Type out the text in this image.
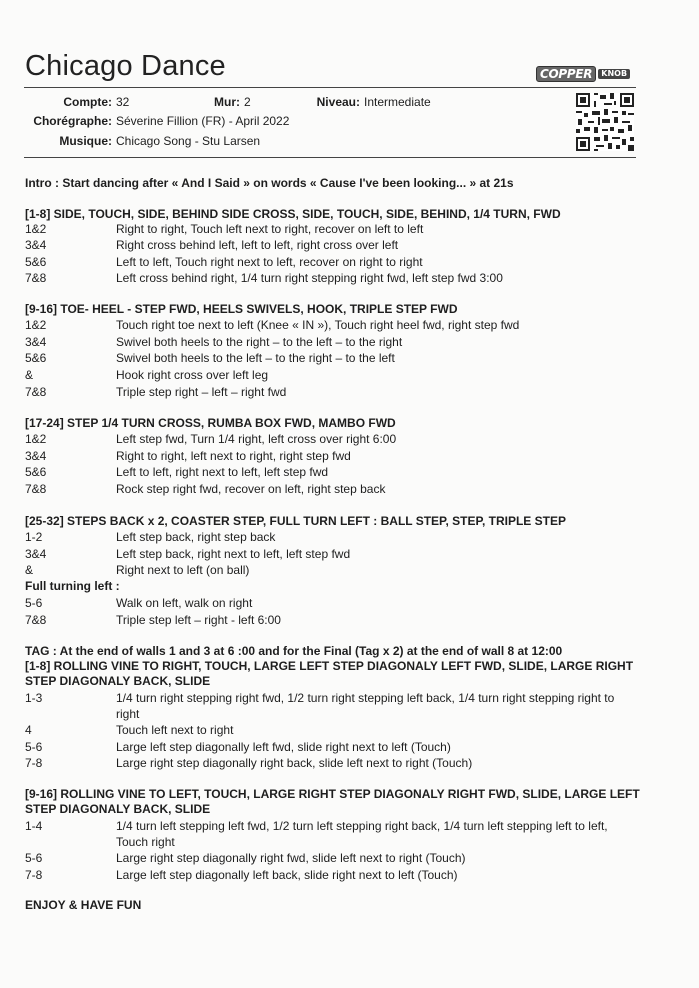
Chicago Dance	COPPER	KNOB
Compte: 32	Mur: 2	Niveau: Intermediate
Chorégraphe: Séverine Fillion (FR) - April 2022
Musique: Chicago Song - Stu Larsen
Intro : Start dancing after « And I Said » on words « Cause I've been looking... » at 21s
[1-8] SIDE, TOUCH, SIDE, BEHIND SIDE CROSS, SIDE, TOUCH, SIDE, BEHIND, 1/4 TURN, FWD
1&2	Right to right, Touch left next to right, recover on left to left
3&4	Right cross behind left, left to left, right cross over left
5&6	Left to left, Touch right next to left, recover on right to right
7&8	Left cross behind right, 1/4 turn right stepping right fwd, left step fwd 3:00
[9-16] TOE- HEEL - STEP FWD, HEELS SWIVELS, HOOK, TRIPLE STEP FWD
1&2	Touch right toe next to left (Knee « IN »), Touch right heel fwd, right step fwd
3&4	Swivel both heels to the right – to the left – to the right
5&6	Swivel both heels to the left – to the right – to the left
&	Hook right cross over left leg
7&8	Triple step right – left – right fwd
[17-24] STEP 1/4 TURN CROSS, RUMBA BOX FWD, MAMBO FWD
1&2	Left step fwd, Turn 1/4 right, left cross over right 6:00
3&4	Right to right, left next to right, right step fwd
5&6	Left to left, right next to left, left step fwd
7&8	Rock step right fwd, recover on left, right step back
[25-32] STEPS BACK x 2, COASTER STEP, FULL TURN LEFT : BALL STEP, STEP, TRIPLE STEP
1-2	Left step back, right step back
3&4	Left step back, right next to left, left step fwd
&	Right next to left (on ball)
Full turning left :
5-6	Walk on left, walk on right
7&8	Triple step left – right - left 6:00
TAG : At the end of walls 1 and 3 at 6 :00 and for the Final (Tag x 2) at the end of wall 8 at 12:00
[1-8] ROLLING VINE TO RIGHT, TOUCH, LARGE LEFT STEP DIAGONALY LEFT FWD, SLIDE, LARGE RIGHT STEP DIAGONALY BACK, SLIDE
1-3	1/4 turn right stepping right fwd, 1/2 turn right stepping left back, 1/4 turn right stepping right to right
4	Touch left next to right
5-6	Large left step diagonally left fwd, slide right next to left (Touch)
7-8	Large right step diagonally right back, slide left next to right (Touch)
[9-16] ROLLING VINE TO LEFT, TOUCH, LARGE RIGHT STEP DIAGONALY RIGHT FWD, SLIDE, LARGE LEFT STEP DIAGONALY BACK, SLIDE
1-4	1/4 turn left stepping left fwd, 1/2 turn left stepping right back, 1/4 turn left stepping left to left, Touch right
5-6	Large right step diagonally right fwd, slide left next to right (Touch)
7-8	Large left step diagonally left back, slide right next to left (Touch)
ENJOY & HAVE FUN
